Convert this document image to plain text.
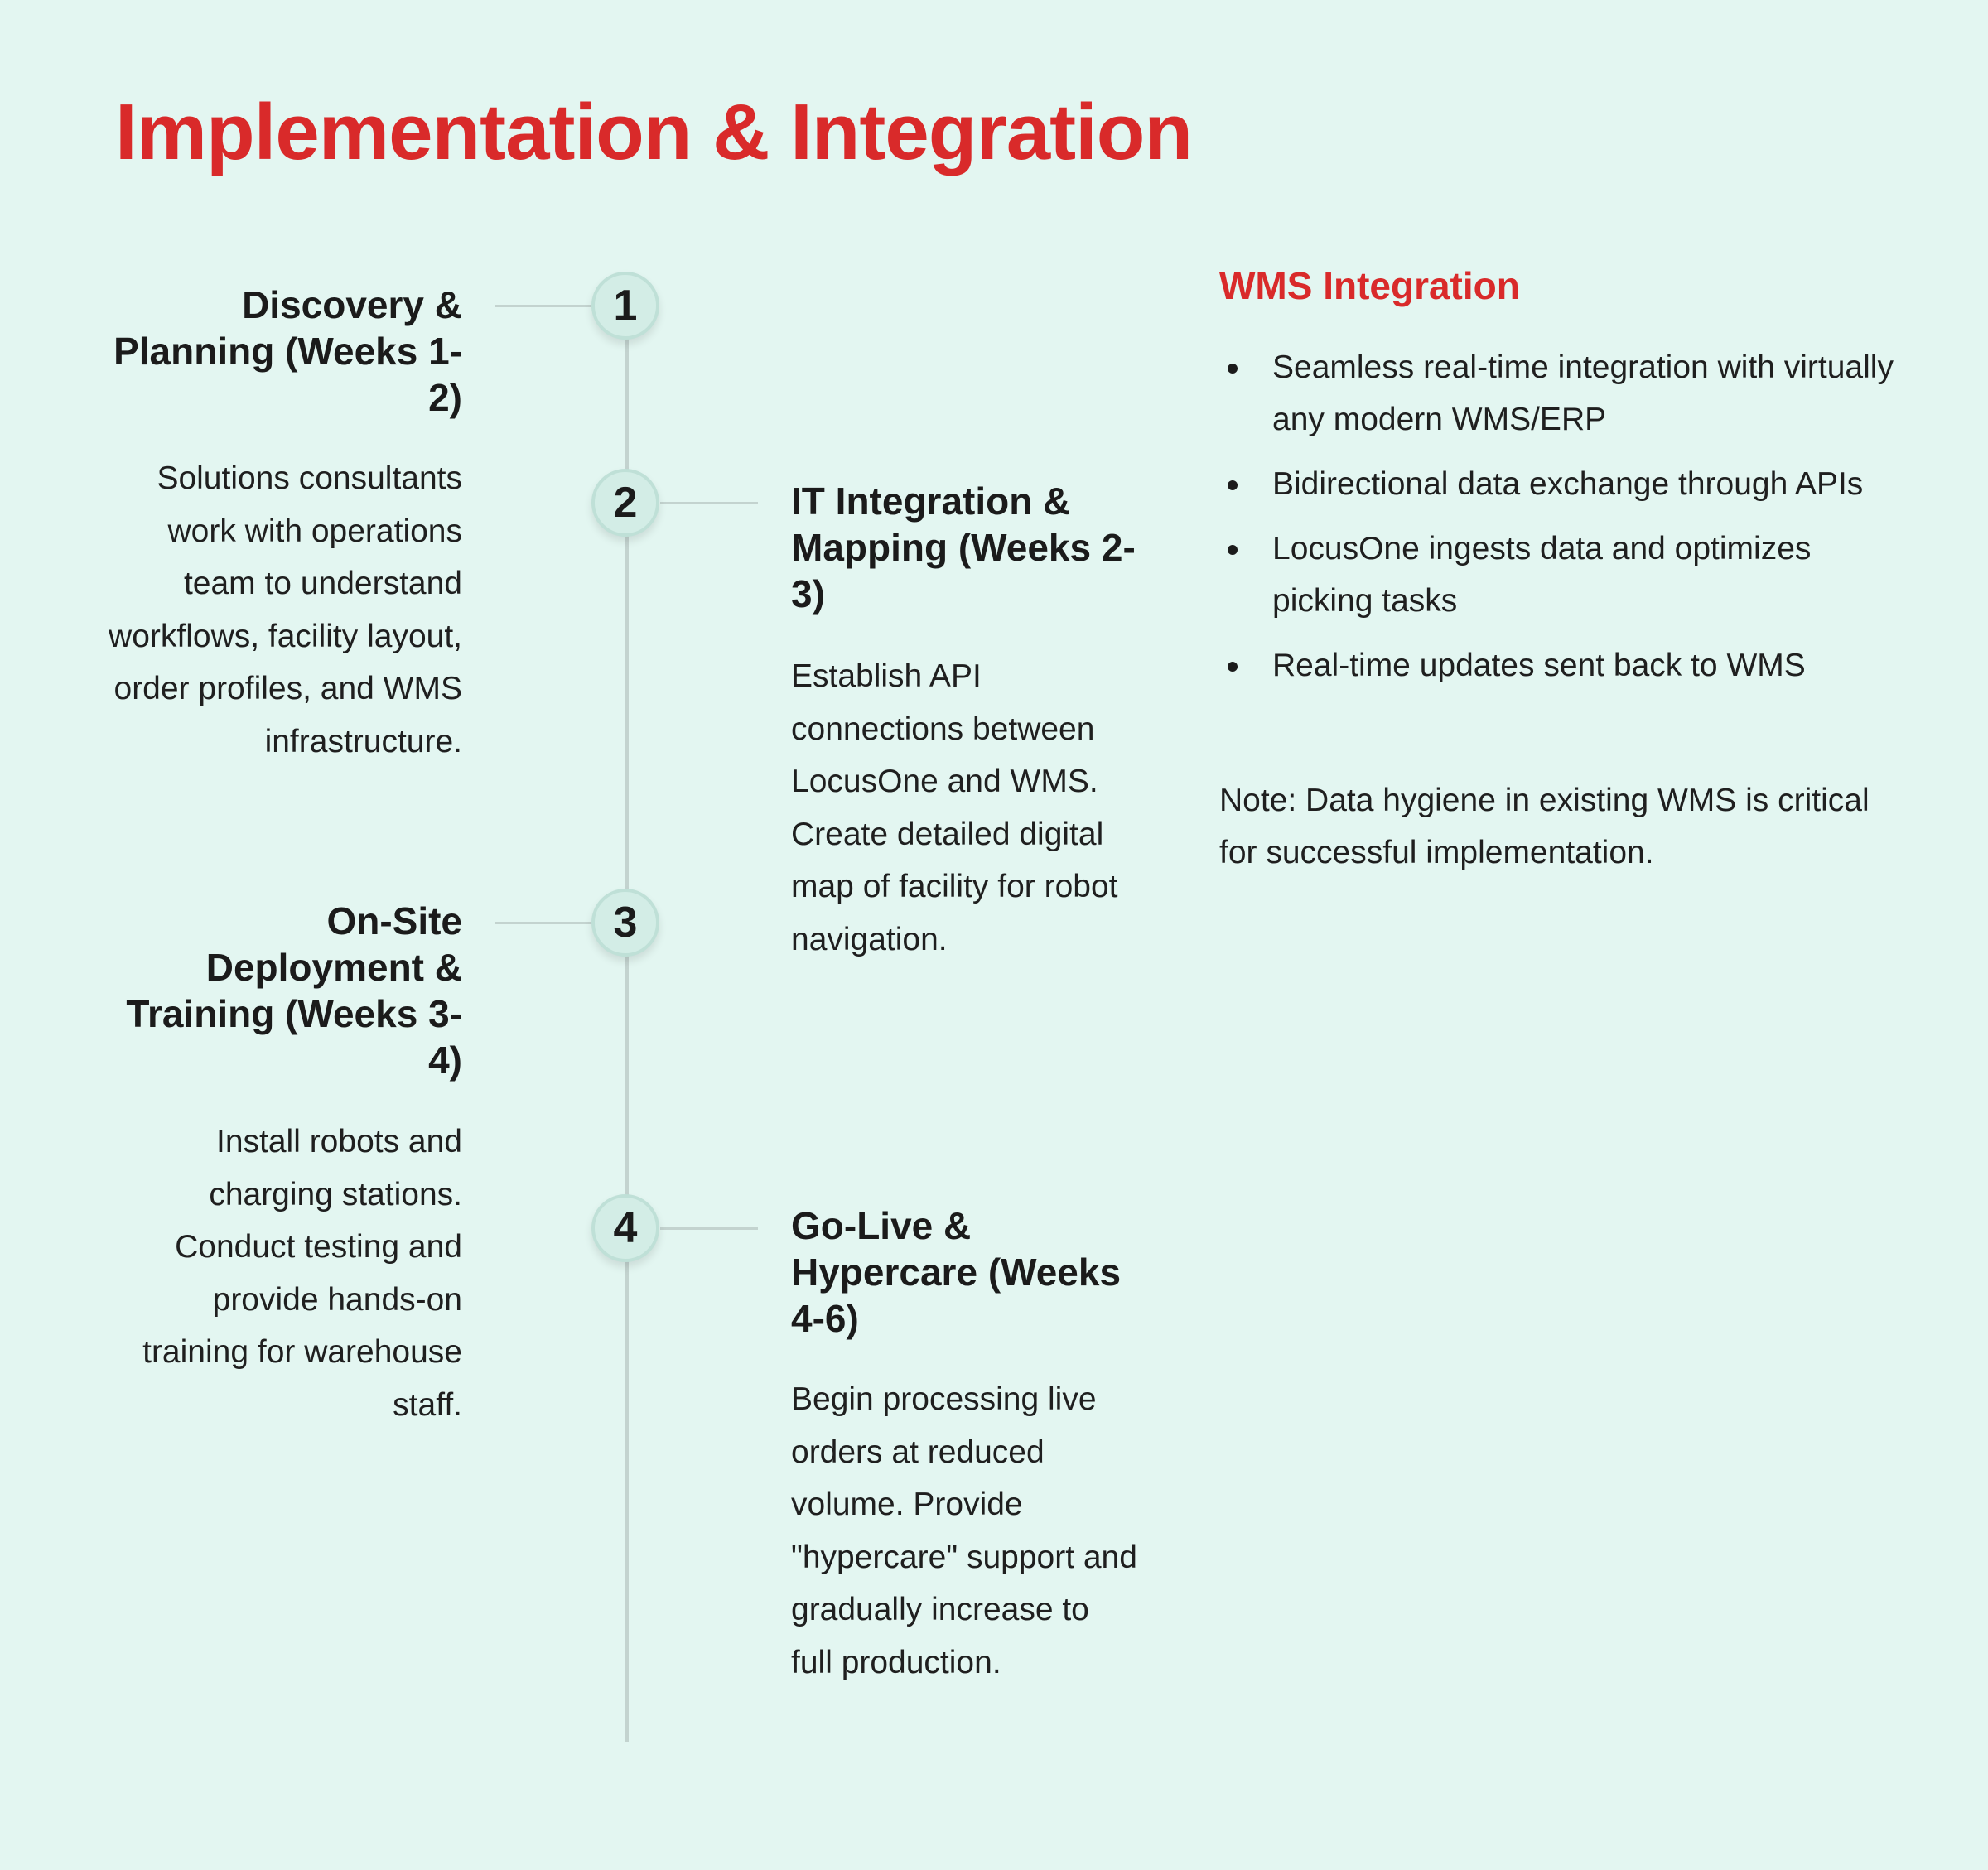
Implementation & Integration
1
Discovery & Planning (Weeks 1-2)

Solutions consultants work with operations team to understand workflows, facility layout, order profiles, and WMS infrastructure.

2	IT Integration & Mapping (Weeks 2-3)

Establish API connections between LocusOne and WMS. Create detailed digital map of facility for robot navigation.

3
On-Site Deployment & Training (Weeks 3-4)

Install robots and charging stations. Conduct testing and provide hands-on training for warehouse staff.

4	Go-Live & Hypercare (Weeks 4-6)

Begin processing live orders at reduced volume. Provide "hypercare" support and gradually increase to full production.

WMS Integration
Seamless real-time integration with virtually any modern WMS/ERP
Bidirectional data exchange through APIs
LocusOne ingests data and optimizes picking tasks
Real-time updates sent back to WMS

Note: Data hygiene in existing WMS is critical for successful implementation.
